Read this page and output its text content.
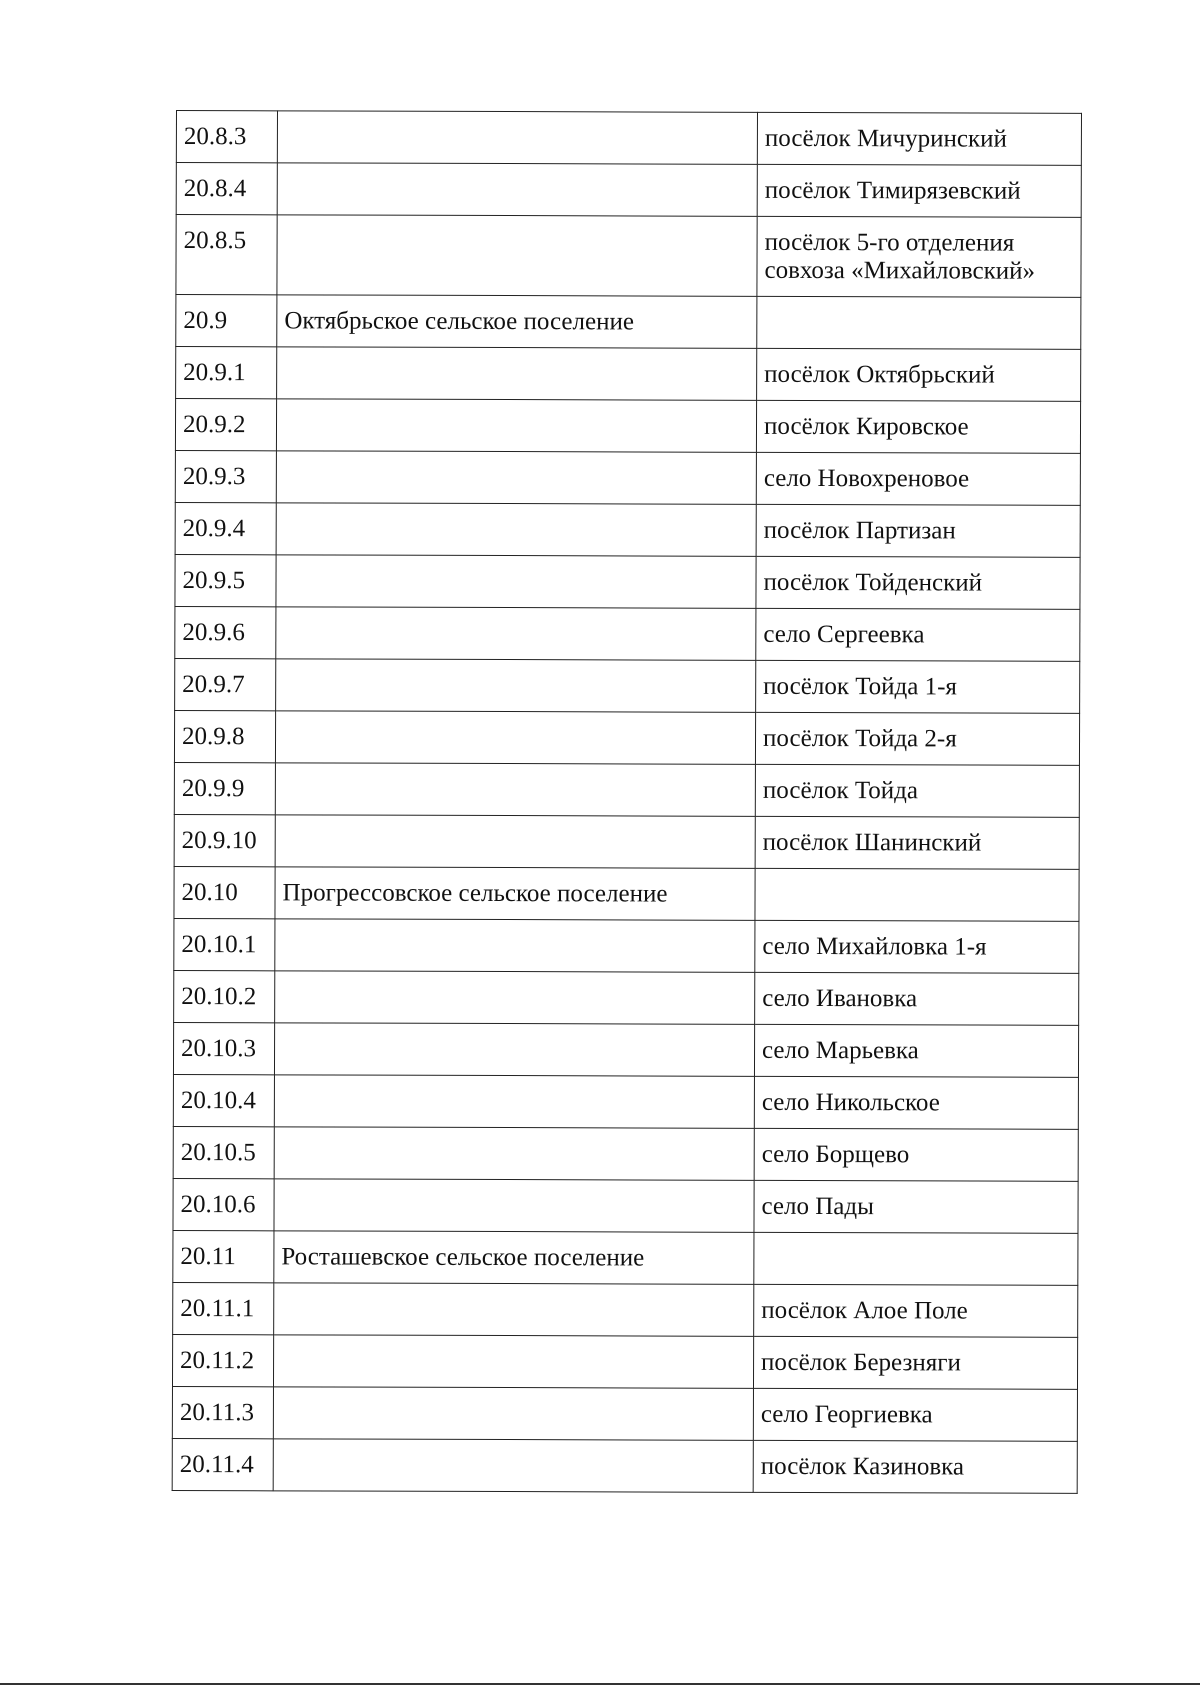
20.8.3		посёлок Мичуринский
20.8.4		посёлок Тимирязевский
20.8.5		посёлок 5-го отделения совхоза «Михайловский»
20.9	Октябрьское сельское поселение	
20.9.1		посёлок Октябрьский
20.9.2		посёлок Кировское
20.9.3		село Новохреновое
20.9.4		посёлок Партизан
20.9.5		посёлок Тойденский
20.9.6		село Сергеевка
20.9.7		посёлок Тойда 1-я
20.9.8		посёлок Тойда 2-я
20.9.9		посёлок Тойда
20.9.10		посёлок Шанинский
20.10	Прогрессовское сельское поселение	
20.10.1		село Михайловка 1-я
20.10.2		село Ивановка
20.10.3		село Марьевка
20.10.4		село Никольское
20.10.5		село Борщево
20.10.6		село Пады
20.11	Росташевское сельское поселение	
20.11.1		посёлок Алое Поле
20.11.2		посёлок Березняги
20.11.3		село Георгиевка
20.11.4		посёлок Казиновка
